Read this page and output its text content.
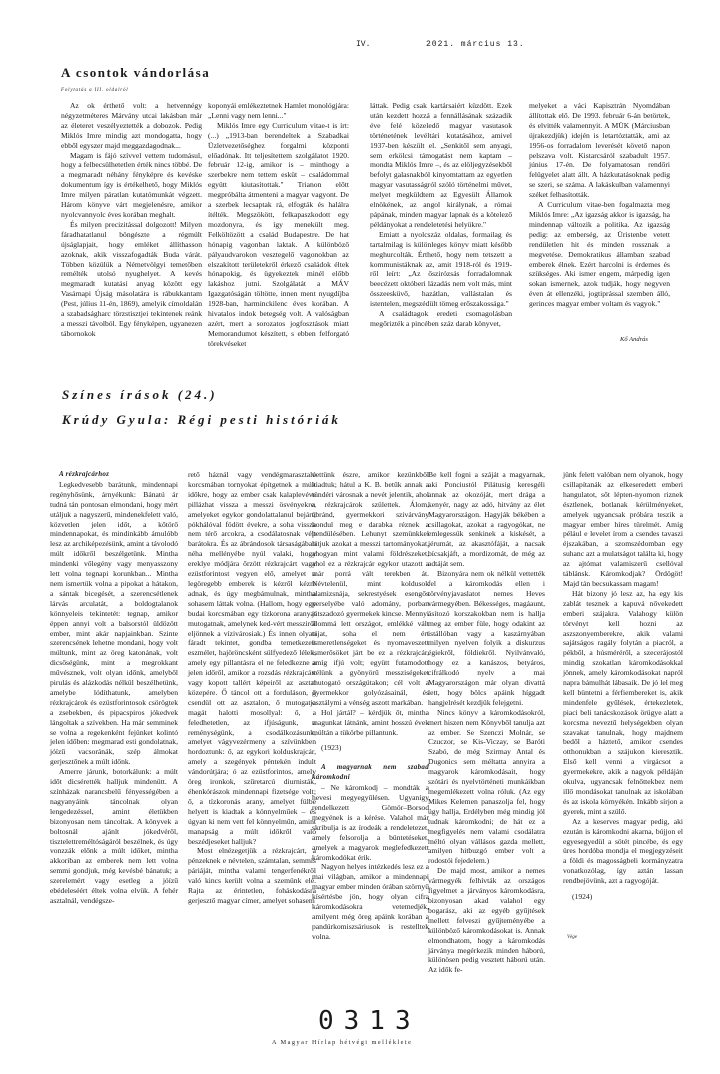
IV.	2021. március 13.
A csontok vándorlása
Folytatás a III. oldalról

Az ok érthető volt: a hetvennégy négyzetméteres Márvány utcai lakásban már az életeret veszélyeztették a dobozok. Pedig Miklós Imre mindig azt mondogatta, hogy ebből egyszer majd meggazdagodnak...

Magam is fájó szívvel vettem tudomásul, hogy a felbecsülhetetlen érték nincs többé. De a megmaradt néhány fényképre és kevéske dokumentum így is értékelhető, hogy Miklós Imre milyen páratlan kutatómunkát végzett. Három könyve várt megjelenésre, amikor nyolcvannyolc éves korában meghalt.

És milyen precizitással dolgozott! Milyen fáradhatatlanul böngészte a régmúlt újságlapjait, hogy emléket állíthasson azoknak, akik visszafogadták Buda várát. Többen közülük a Németvölgyi temetőben remélték utolsó nyughelyet. A kevés megmaradt kutatási anyag között egy Vasárnapi Újság másolatára is rábukkantam (Pest, július 11-én, 1869), amelyik címoldalán a szabadságharc törzstisztjei tekintenek reánk a messzi távolból. Egy fényképen, ugyanezen tábornokok

koponyái emlékeztetnek Hamlet monológjára: „Lenni vagy nem lenni..."

Miklós Imre egy Curriculum vitae-t is írt: (...) „1913-ban berendeltek a Szabadkai Üzletvezetőséghez forgalmi központi előadónak. Itt teljesítettem szolgálatot 1920. február 12-ig, amikor is – minthogy a szerbekre nem tettem esküt – családommal együtt kiutasítottak." Trianon előtt megpróbálta átmenteni a magyar vagyont. De a szerbek lecsaptak rá, elfogták és halálra ítélték. Megszökött, felkapaszkodott egy mozdonyra, és így menekült meg. Felköltözött a család Budapestre. De hat hónapig vagonban laktak. A különböző pályaudvarokon vesztegelő vagonokban az elszakított területekről érkező családok éltek hónapokig, és ügyekeztek minél előbb lakáshoz jutni. Szolgálatát a MÁV Igazgatóságán töltötte, innen ment nyugdíjba 1928-ban, harminckilenc éves korában. A hivatalos indok betegség volt. A valóságban azért, mert a sorozatos jogfosztások miatt Memorandumot készített, s ebben felforgató törekvéseket

láttak. Pedig csak kartársaiért küzdött. Ezek után kezdett hozzá a fennállásának századik éve felé közeledő magyar vasutasok történetének levéltári kutatásához, amivel 1937-ben készült el. „Senkitől sem anyagi, sem erkölcsi támogatást nem kaptam – mondta Miklós Imre –, és az elöljegyzésekből befolyt galasnakból kinyomtattam az egyetlen magyar vasutasságról szóló történelmi művet, melyet megküldtem az Egyesült Államok elnökének, az angol királynak, a római pápának, minden magyar lapnak és a kötelező példányokat a rendeletetési helyükre."

Emiatt a nyolcszáz oldalas, formailag és tartalmilag is különleges könyv miatt később meghurcolták. Érthető, hogy nem tetszett a kommunistáknak az, amit 1918-ról és 1919-ről leírt: „Az őszirózsás forradalomnak beecézett októberi lázadás nem volt más, mint összeesküvő, hazátlan, vallástalan és istentelen, megszédült tömeg erőszakossága."

A családtagok eredeti csomagolásban megőrizték a pincében száz darab könyvet,

melyeket a váci Kapisztrán Nyomdában állítottak elő. De 1993. február 6-án betörtek, és elvitték valamennyit. A MÜK (Márciusban újrakezdjük) idején is letartóztatták, ami az 1956-os forradalom leverését követő napon pelszava volt. Kistarcsáról szabadult 1957. június 17-én. De folyamatosan rendőri felügyelet alatt állt. A házkutatásoknak pedig se szeri, se száma. A lakáskulban valamennyi széket felhasították.

A Curriculum vitae-ben fogalmazta meg Miklós Imre: „Az igazság akkor is igazság, ha mindennap változik a politika. Az igazság pedig: az emberség, az Üristenbe vetett rendületlen hit és minden rossznak a megvetése. Demokratikus államban szabad emberek élnek. Ezért harcolni is érdemes és szükséges. Aki ismer engem, márpedig igen sokan ismernek, azok tudják, hogy negyven éven át ellenzéki, jogtiprással szemben álló, gerinces magyar ember voltam és vagyok."

Kő András
Színes írások (24.)
Krúdy Gyula: Régi pesti históriák

A rézkrajcárhoz

Legkedvesebb barátunk, mindennapi regényhősünk, árnyékunk: Bánatú ár tudná tán pontosan elmondani, hogy mért utáljuk a nagyszerű, mindenekfelett való, közvetlen jelen időt, a kőtörő mindennapokat, és mindinkább ámulóbb lesz az archiképezésünk, amint a távolodó múlt időkről beszélgetünk. Mintha mindenki vőlegény vagy menyasszony lett volna tegnapi korunkban... Mintha nem ismertük volna a pipokat a hátakon, a sántak bicegését, a szerencsétlenek lárvás arculatát, a boldogtalanok könnyeleis tekintetét: tegnap, amikor éppen annyi volt a balsorstól üldözött ember, mint akár napjainkban. Szinte szerencsének lehetne mondani, hogy volt múltunk, mint az öreg katonának, volt dicsőségünk, mint a megrokkant művésznek, volt olyan időnk, amelyből pirulás és alázkodás nélkül beszélhetünk, amelybe lódíthatunk, amelyben rézkrajcárok és ezüstforintosok csörögtek a zsebekben, és pipacspiros jókedvek lángoltak a szívekben. Ha már semminek se volna a regekenként fejünket kolintó jelen időben: megmarad esti gondolatnak, jóízű vacsoránák, szép álmokat gerjesztőnek a múlt időnk.

Amerre járunk, botorkálunk: a múlt időt dicsérették halljuk mindenütt. A színházak narancsbelű fényességében a nagyanyáink táncolnak olyan lengedezéssel, amint életükben bizonyosan nem táncoltak. A könyvek a boltosnál ajánlt jókedvéről, tisztelettreméltóságáról beszélnek, és úgy vonzzák előnk a múlt időket, mintha akkoriban az emberek nem lett volna semmi gondjuk, még kevésbé bánatuk; a szerelemért vagy esetleg a jóízű ebédeleséért éltek volna elvük. A fehér asztalnál, vendégsze-

rető háznál vagy vendégmarasztaló korcsmában tornyokat építgetnek a múlt időkre, hogy az ember csak kalaplevéve pillázhat vissza a messzi ösvényekre, amelyeket egykor gondolattalanul bejárt; pókhálóval födött évekre, a soha vissza nem térő arcokra, a csodálatosnak vélt barátokra. És az ábrándosok társaságában néha mellényébe nyúl valaki, hogy ereklye módjára őrzött rézkrajcárt vagy ezüstforintost vegyen elő, amelyet a legöregebb emberek is kézről kézre adnak, és úgy megbámulnak, mintha sohasem láttak volna. (Hallom, hogy egy budai korcsmában egy tízkorona aranyat mutogatnak, amelynek ked-vért messziről eljönnek a vízivárosiak.) És innen olyan fáradt tekintet, gondba temetkezett eszmélet, hajöröncsként sülfyedező lélek, amely egy pillantásra el ne feledkezne a jelen időről, amikor a rozsdás rézkrajcárt vagy kopott tallért képeiről az asztal közepére. Ő táncol ott a forduláson, ő csendül ott az asztalon, ő mutogatja magát halotti mosollyal: ő, a feledhetetlen, az ifjúságunk, a reménységünk, a csodálkozásunk, amelyet vágyvezérmeny a szívünkben hordoztunk: ő, az egykori kolduskrajcár, amely a szegények péntekén indult vándorútjára; ó az ezüstforintos, amely öreg ironkok, szűretarcú diurnisták, éhenkórászok mindennapi fizetsége volt; ő, a tízkoronás arany, amelyet fülbe helyett is kiadtak a könnyelműek – és úgyan ki nem vett fel könnyelműn, amint manapság a múlt időkről való beszédjeseket halljuk?

Most elnézegetjük a rézkrajcárt, a pénzeknek e névtelen, számtalan, semmis páriáját, mintha valami tengerfenékről való kincs került volna a szemünk elé. Rajta az érintetlen, foháskodásra gerjesztő magyar címer, amelyet sohasem

vettünk észre, amikor kezünkből kiadtuk; hátul a K. B. betűk annak a tündéri városnak a nevét jelentik, ahol a rézkrajcárok születtek. Álom, ábránd, gyermekkori szivárvány kondul meg e darabka réznek a pendülésében. Lehunyt szemünkkel látjuk azokat a messzi tartományokat, ahogyan mint valami földrészeket, ahol ez a rézkrajcár egykor utazott a már porrá vált terekben át. Névtelenül, mint koldusok alamizsnája, sekrestyések esengős perselyébe való adomány, porban játszadozó gyermekek kincse. Mennyi álommá lett országot, emlékké vált tájat, soha el nem ért ismeretlenségeket és nyomaveszett ismerősöket járt be ez a rézkrajcár, amíg ifjú volt; együtt futamodott vélünk a gyönyörű messziségeket mutogató országútakon; cél volt a gyermekkor golyózásainál, és osztálymi a vénség aszott markában.

Hol jártál? – kérdjük őt, mintha magunkat látnánk, amint hosszú évek múltán a tükörbe pillantunk.

(1923)

A magyarnak nem szabad káromkodni

– Ne káromkodj – mondták a hevesi megyegyűlésen. Ugyanígy rendelkezett Gömör–Borsod megyének is a kérése. Valahol már skribulja is az írodeák a rendeletezet, amely felsorolja a büntetéseket, amelyek a magyarok meglefedkezett káromkodókat érik.

Nagyon helyes intézkedés lesz ez a mai világban, amikor a mindennapi magyar ember minden órában szörnyű kísértésbe jön, hogy olyan cifra káromkodásokra vetemedjék, amilyent még öreg apáink korában a pandúrkomiszsáriusok is restelltek volna.

Be kell fogni a száját a magyarnak, aki Ponciustól Pilátusig keresgéli annak az okozóját, mert drága a kenyér, nagy az adó, hitvány az élet Magyarországon. Hagyják békében a csillagokat, azokat a ragyogókat, ne emlegessük senkinek a kiskését, a jérumát, az akasztófáját, a nacsak bícsakjáft, a mordizomát, de még az adtáját sem.

Bizonyára nem ok nélkül vettették fel a káromkodás ellen i törvényjavaslatot nemes Heves vármegyében. Békességes, magáaunt, ásítozó korszakokban nem is hallja meg az ember füle, hogy odakint az istállóban vagy a kaszárnyában milyen nyelven folyik a diskurzus égiekről, földiekről. Nyilvánvaló, hogy ez a kanászos, betyáros, cifrálkodó nyelv a mai Magyarországon már olyan divattá lett, hogy bölcs apáink híggadt hangjelrését kezdjük felejgetni.

Nincs könyv a káromkodásokról, mert hiszen nem Könyvből tanulja azt az ember. Se Szenczi Molnár, se Czuczor, se Kis-Viczay, se Baróti Szabó, de még Szirmay Antal és Dugonics sem méltatta annyira a magyarok káromkodásait, hogy szótári és nyelvtörténeti munkáikban megemlékezett volna róluk. (Az egy Mikes Kelemen panaszolja fel, hogy úgy hallja, Erdélyben még mindig jól tudnak káromkodni; de hát ez a megfigyelés nem valami csodálatra méltó olyan vállásos gazda mellett, amilyen hitbuzgó ember volt a rodostói fejedelem.)

De majd most, amikor a nemes vármegyék felhívták az országos figyelmet a járványos káromkodásra, bizonyosan akad valahol egy bogarász, aki az egyéb gyűjtések mellett felveszi gyűjteményébe a különböző káromkodásokat is. Annak elmondhatom, hogy a káromkodás járványa megérkezik minden háború, különösen pedig vesztett háború után. Az idők fe-

jünk felett valóban nem olyanok, hogy csillapítanák az elkeseredett emberi hangulatot, sőt lépten-nyomon riznek észtlenek, botlanak kérülményeket, amelyek ugyancsak próbára teszik a magyar ember híres türelmét. Amíg pélául e levelet írom a csendes tavaszi éjszakában, a szomszédomban egy suhanc azt a mulatságot találta ki, hogy az ajtómat valamiszerű csellóval táblánsk. Káromkodjak? Ördögöt! Majd tán becsukassam magam!

Hát bizony jó lesz az, ha egy kis zablát tesznek a kapuvá nővekedett emberi szájakra. Valahogy külön törvényt kell hozni az aszszonyemberekre, akik valami sajátságos ragály folytán a piacról, a pékből, a húsméréről, a szecerájostól mindig szokatlan káromkodásokkal jönnek, amely káromkodásokat napról napra bámulhát lábasaik. De jó lel meg kell büntetni a férfiembereket is, akik mindenfele gyűlések, értekezletek, piaci beli tanácskozások örügye alatt a korcsma neveztű helységekben olyan szavakat tanulnak, hogy majdnem bedől a háztető, amikor csendes otthonukban a szájukon kieresztik. Első kell venni a virgácsot a gyermekekre, akik a nagyok példáján okulva, ugyancsak felnőttekbez nem illő mondásokat tanulnak az iskolában és az iskola környékén. Inkább sírjon a gyerek, mint a szülő.

Az a keserves magyar pedig, aki ezután is káromkodni akarna, bújjon el egyesegyedül a sötét pincébe, és egy üres hordóba mondja el megjegyzéseit a földi és magosságbeli kormányzatra vonatkozólag, így aztán lassan rendbejövünk, azt a ragyogóját.

(1924)

Vége
0313
A Magyar Hírlap hétvégi melléklete
